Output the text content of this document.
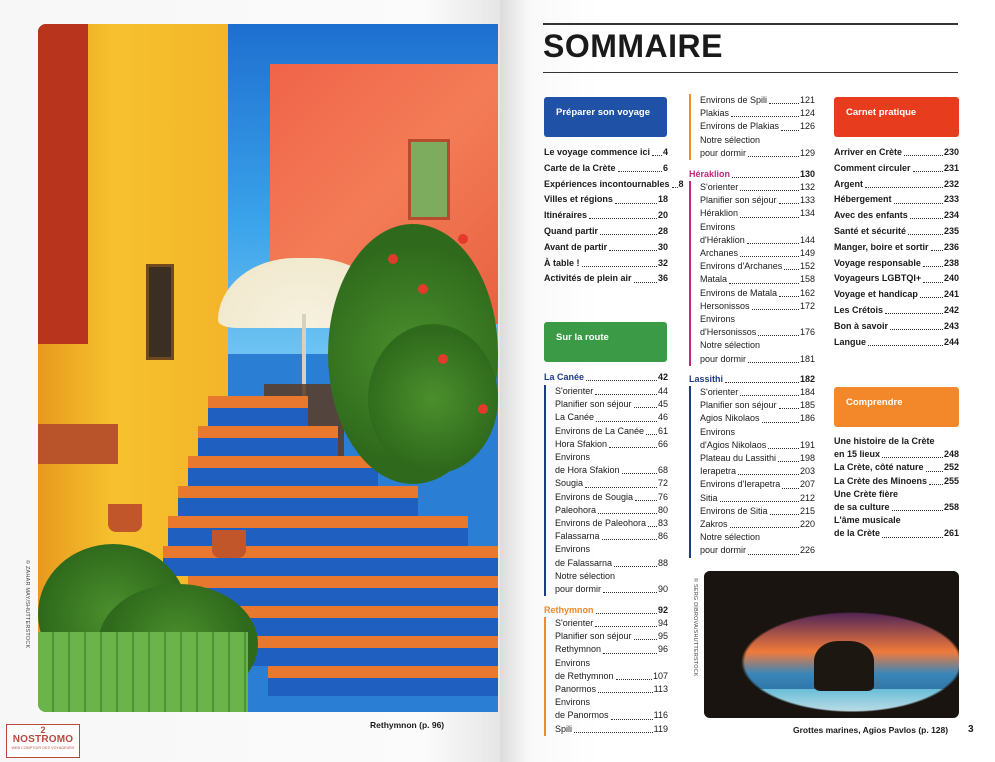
© ZAHAR MAY/SHUTTERSTOCK
Rethymnon (p. 96)
2
NOSTROMO
WEB COMPTOIR DES VOYAGEURS
SOMMAIRE
Préparer son voyage
Le voyage commence ici 4
Carte de la Crète	6
Expériences incontournables 8
Villes et régions	18
Itinéraires	20
Quand partir	28
Avant de partir	30
À table !	32
Activités de plein air	36
Sur la route
La Canée	42
S'orienter	44
Planifier son séjour	45
La Canée	46
Environs de La Canée 61
Hora Sfakion	66
Environs
de Hora Sfakion	68
Sougia	72
Environs de Sougia	76
Paleohora	80
Environs de Paleohora 83
Falassarna	86
Environs
de Falassarna	88
Notre sélection
pour dormir	90
Rethymnon	92
S'orienter	94
Planifier son séjour	95
Rethymnon	96
Environs
de Rethymnon	107
Panormos	113
Environs
de Panormos	116
Spili	119
Environs de Spili	121
Plakias	124
Environs de Plakias 126
Notre sélection
pour dormir	129
Héraklion	130
S'orienter	132
Planifier son séjour	133
Héraklion	134
Environs
d'Héraklion	144
Archanes	149
Environs d'Archanes 152
Matala	158
Environs de Matala	162
Hersonissos	172
Environs
d'Hersonissos	176
Notre sélection
pour dormir	181
Lassithi	182
S'orienter	184
Planifier son séjour	185
Agios Nikolaos	186
Environs
d'Agios Nikolaos	191
Plateau du Lassithi	198
Ierapetra	203
Environs d'Ierapetra 207
Sitia	212
Environs de Sitia	215
Zakros	220
Notre sélection
pour dormir	226
Carnet pratique
Arriver en Crète	230
Comment circuler	231
Argent	232
Hébergement	233
Avec des enfants	234
Santé et sécurité	235
Manger, boire et sortir 236
Voyage responsable	238
Voyageurs LGBTQI+	240
Voyage et handicap	241
Les Crétois	242
Bon à savoir	243
Langue	244
Comprendre
Une histoire de la Crète
en 15 lieux	248
La Crète, côté nature 252
La Crète des Minoens 255
Une Crète fière
de sa culture	258
L'âme musicale
de la Crète	261
© SERG DIBROVA/SHUTTERSTOCK
Grottes marines, Agios Pavlos (p. 128) 3
